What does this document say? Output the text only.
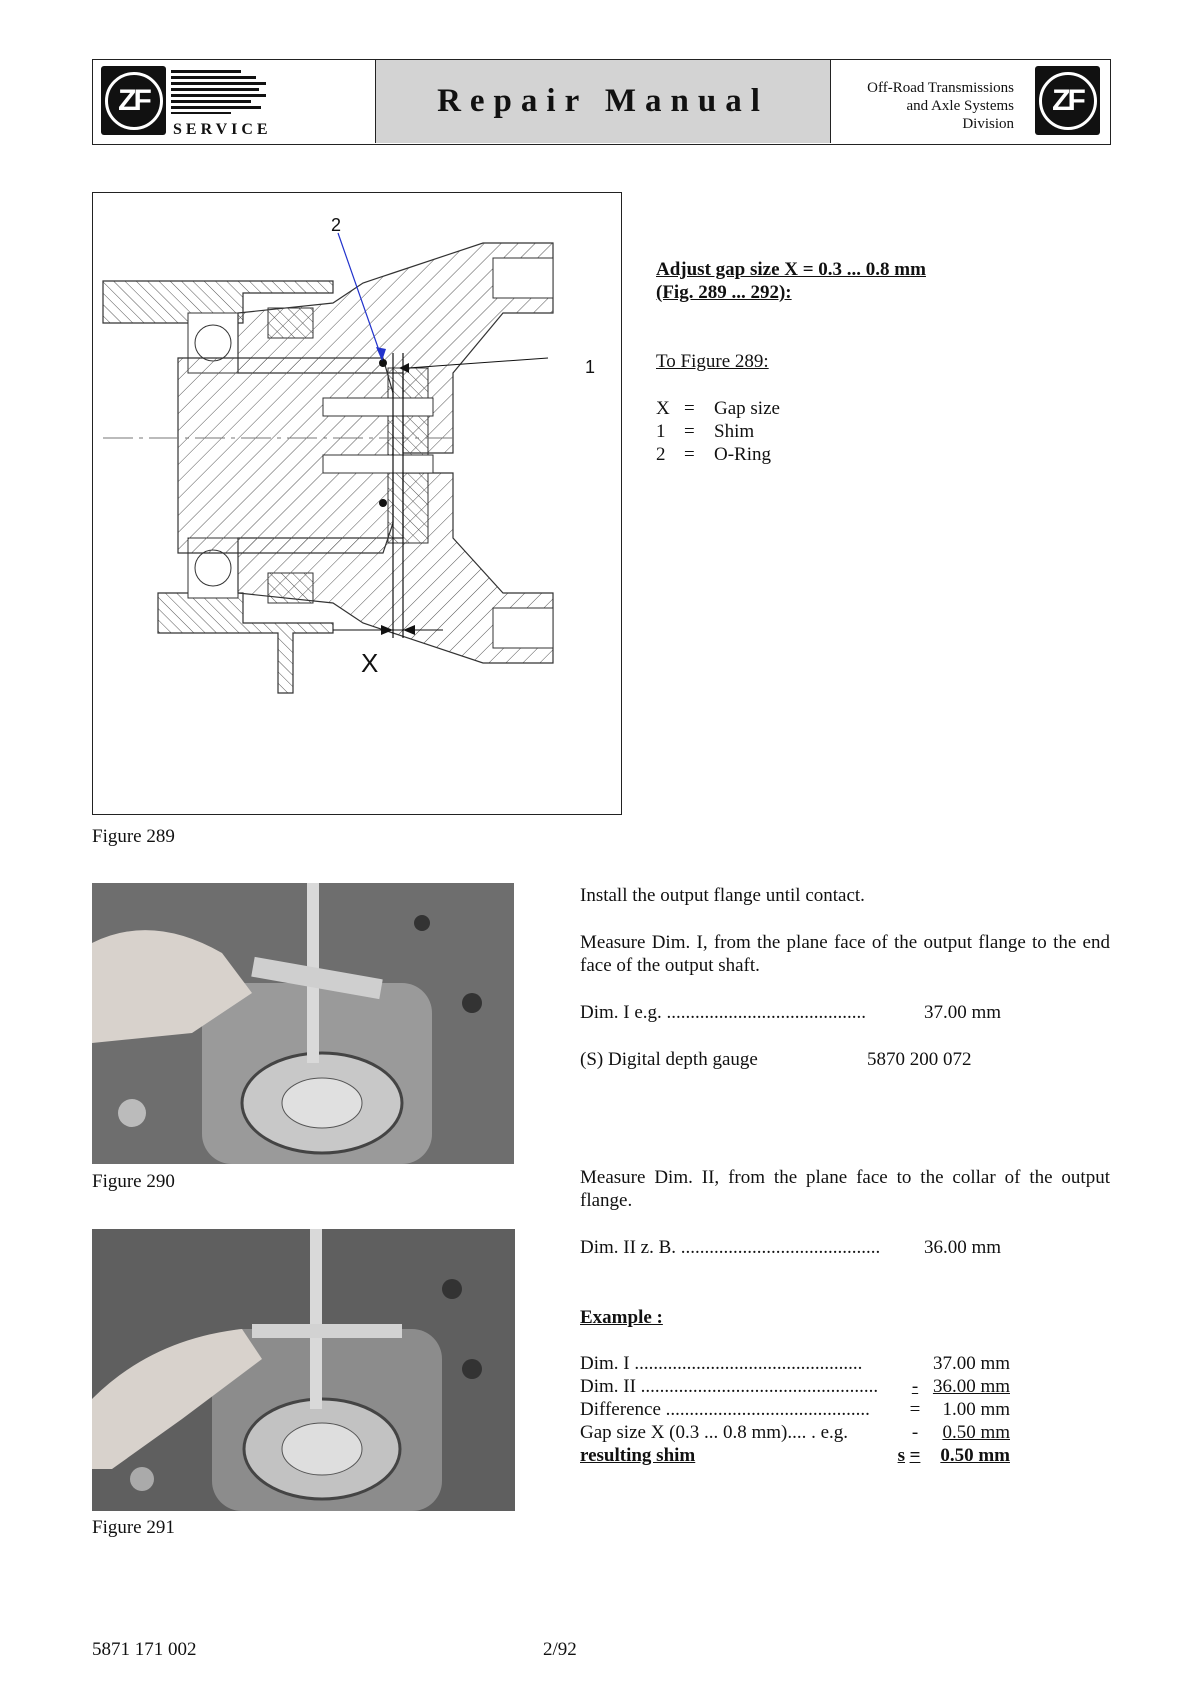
ZF
SERVICE
Repair Manual	Off-Road Transmissions
and Axle Systems
Division
ZF
2
1
X
Figure 289
Adjust gap size X = 0.3 ... 0.8 mm
(Fig. 289 ... 292):
To Figure 289:
X =	Gap size
1 =	Shim
2 =	O-Ring
Figure 290
Install the output flange until contact.
Measure Dim. I, from the plane face of the output flange to the end face of the output shaft.
Dim. I e.g. ..........................................	37.00 mm
(S) Digital depth gauge	5870 200 072
Figure 291
Measure Dim. II, from the plane face to the collar of the output flange.
Dim. II z. B. .......................................... 36.00 mm
Example :
Dim. I ................................................	37.00 mm
Dim. II ..................................................	- 36.00 mm
Difference ...........................................	=	1.00 mm
Gap size X (0.3 ... 0.8 mm).... . e.g.	-	0.50 mm
resulting shim	s =	0.50 mm
5871 171 002	2/92
